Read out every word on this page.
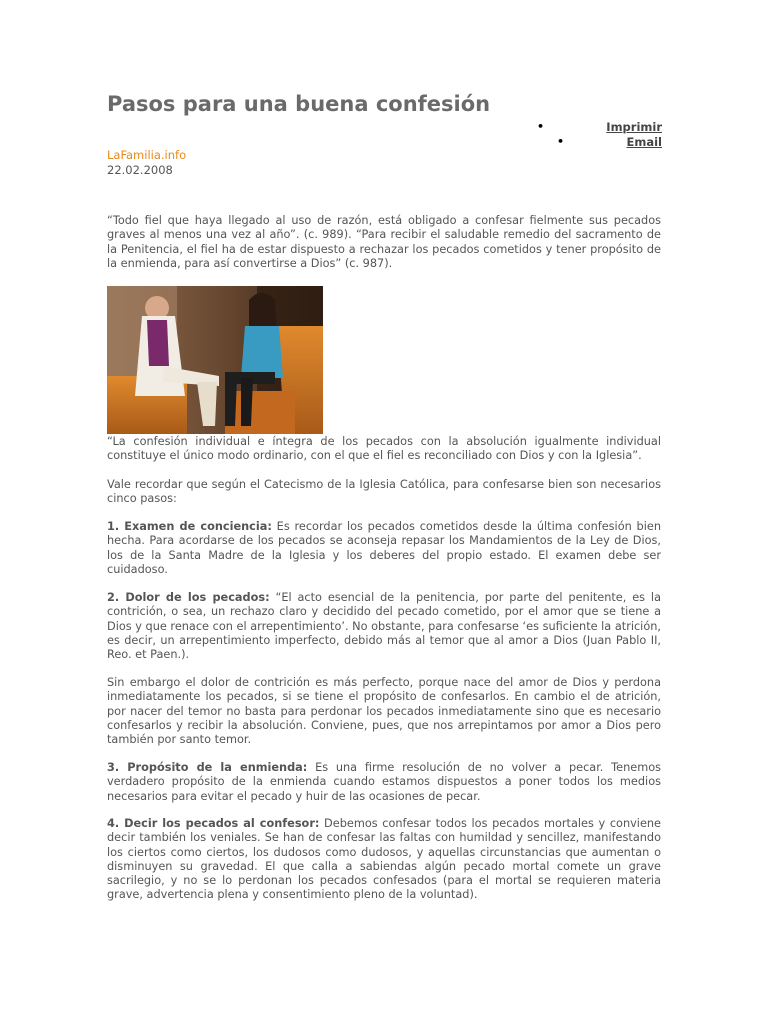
Pasos para una buena confesión
•	Imprimir
•	Email
LaFamilia.info
22.02.2008

“Todo fiel que haya llegado al uso de razón, está obligado a confesar fielmente sus pecados graves al menos una vez al año”. (c. 989). “Para recibir el saludable remedio del sacramento de la Penitencia, el fiel ha de estar dispuesto a rechazar los pecados cometidos y tener propósito de la enmienda, para así convertirse a Dios” (c. 987).

“La confesión individual e íntegra de los pecados con la absolución igualmente individual constituye el único modo ordinario, con el que el fiel es reconciliado con Dios y con la Iglesia”.

Vale recordar que según el Catecismo de la Iglesia Católica, para confesarse bien son necesarios cinco pasos:

1. Examen de conciencia: Es recordar los pecados cometidos desde la última confesión bien hecha. Para acordarse de los pecados se aconseja repasar los Mandamientos de la Ley de Dios, los de la Santa Madre de la Iglesia y los deberes del propio estado. El examen debe ser cuidadoso.

2. Dolor de los pecados: “El acto esencial de la penitencia, por parte del penitente, es la contrición, o sea, un rechazo claro y decidido del pecado cometido, por el amor que se tiene a Dios y que renace con el arrepentimiento’. No obstante, para confesarse ‘es suficiente la atrición, es decir, un arrepentimiento imperfecto, debido más al temor que al amor a Dios (Juan Pablo II, Reo. et Paen.).

Sin embargo el dolor de contrición es más perfecto, porque nace del amor de Dios y perdona inmediatamente los pecados, si se tiene el propósito de confesarlos. En cambio el de atrición, por nacer del temor no basta para perdonar los pecados inmediatamente sino que es necesario confesarlos y recibir la absolución. Conviene, pues, que nos arrepintamos por amor a Dios pero también por santo temor.

3. Propósito de la enmienda: Es una firme resolución de no volver a pecar. Tenemos verdadero propósito de la enmienda cuando estamos dispuestos a poner todos los medios necesarios para evitar el pecado y huir de las ocasiones de pecar.

4. Decir los pecados al confesor: Debemos confesar todos los pecados mortales y conviene decir también los veniales. Se han de confesar las faltas con humildad y sencillez, manifestando los ciertos como ciertos, los dudosos como dudosos, y aquellas circunstancias que aumentan o disminuyen su gravedad. El que calla a sabiendas algún pecado mortal comete un grave sacrilegio, y no se lo perdonan los pecados confesados (para el mortal se requieren materia grave, advertencia plena y consentimiento pleno de la voluntad).
